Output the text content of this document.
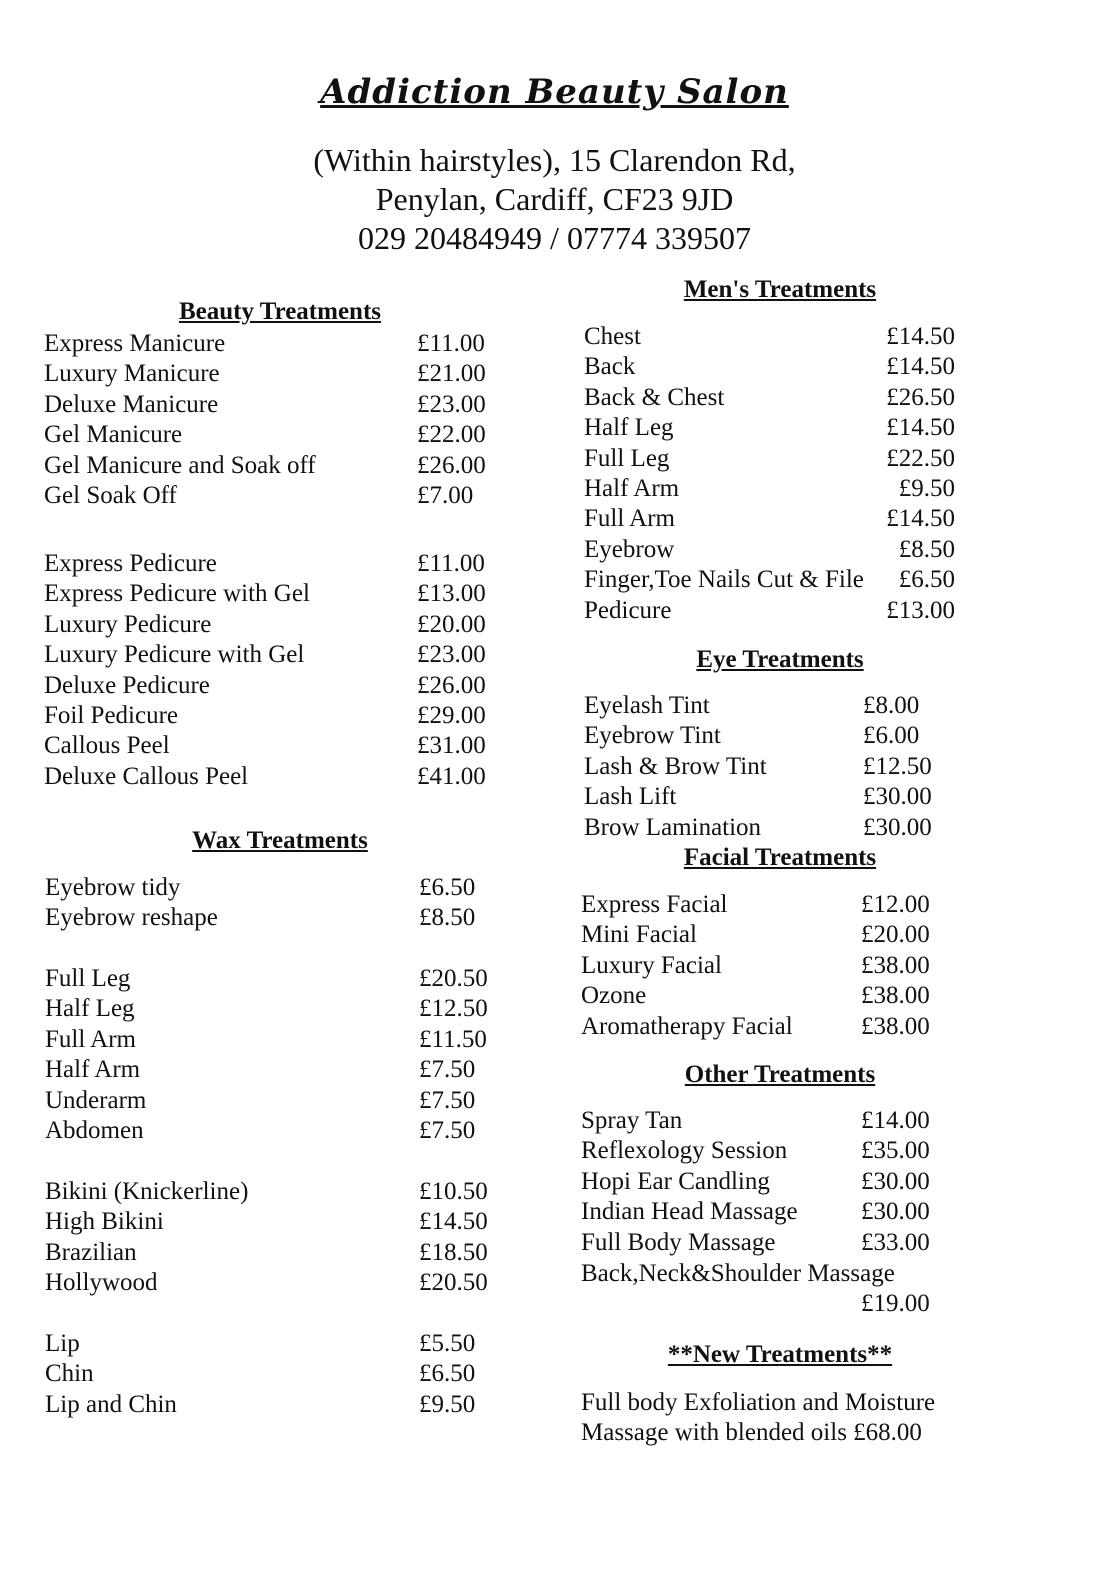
Addiction Beauty Salon
(Within hairstyles), 15 Clarendon Rd,
Penylan, Cardiff, CF23 9JD
029 20484949 / 07774 339507
Beauty Treatments
Wax Treatments
Men's Treatments
Eye Treatments
Facial Treatments
Other Treatments
**New Treatments**
Express Manicure	£11.00
Luxury Manicure	£21.00
Deluxe Manicure	£23.00
Gel Manicure	£22.00
Gel Manicure and Soak off	£26.00
Gel Soak Off	£7.00
Express Pedicure	£11.00
Express Pedicure with Gel	£13.00
Luxury Pedicure	£20.00
Luxury Pedicure with Gel	£23.00
Deluxe Pedicure	£26.00
Foil Pedicure	£29.00
Callous Peel	£31.00
Deluxe Callous Peel	£41.00
Eyebrow tidy	£6.50
Eyebrow reshape	£8.50
Full Leg	£20.50
Half Leg	£12.50
Full Arm	£11.50
Half Arm	£7.50
Underarm	£7.50
Abdomen	£7.50
Bikini (Knickerline)	£10.50
High Bikini	£14.50
Brazilian	£18.50
Hollywood	£20.50
Lip	£5.50
Chin	£6.50
Lip and Chin	£9.50
Chest	£14.50
Back	£14.50
Back & Chest	£26.50
Half Leg	£14.50
Full Leg	£22.50
Half Arm	£9.50
Full Arm	£14.50
Eyebrow	£8.50
Finger,Toe Nails Cut & File £6.50
Pedicure	£13.00
Eyelash Tint	£8.00
Eyebrow Tint	£6.00
Lash & Brow Tint	£12.50
Lash Lift	£30.00
Brow Lamination	£30.00
Express Facial	£12.00
Mini Facial	£20.00
Luxury Facial	£38.00
Ozone	£38.00
Aromatherapy Facial	£38.00
Spray Tan	£14.00
Reflexology Session	£35.00
Hopi Ear Candling	£30.00
Indian Head Massage	£30.00
Full Body Massage	£33.00
Back,Neck&Shoulder Massage
£19.00
Full body Exfoliation and Moisture
Massage with blended oils £68.00
